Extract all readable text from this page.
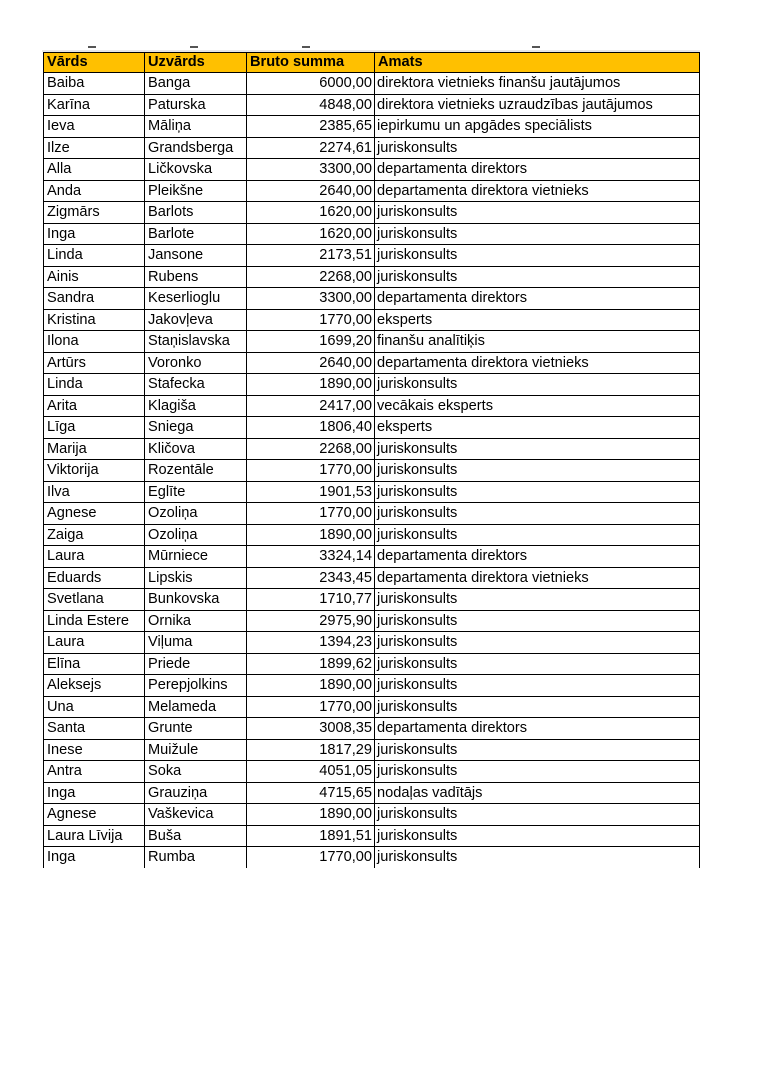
Vārds	Uzvārds	Bruto summa	Amats
Baiba	Banga	6000,00	direktora vietnieks finanšu jautājumos
Karīna	Paturska	4848,00	direktora vietnieks uzraudzības jautājumos
Ieva	Māliņa	2385,65	iepirkumu un apgādes speciālists
Ilze	Grandsberga	2274,61	juriskonsults
Alla	Ličkovska	3300,00	departamenta direktors
Anda	Pleikšne	2640,00	departamenta direktora vietnieks
Zigmārs	Barlots	1620,00	juriskonsults
Inga	Barlote	1620,00	juriskonsults
Linda	Jansone	2173,51	juriskonsults
Ainis	Rubens	2268,00	juriskonsults
Sandra	Keserlioglu	3300,00	departamenta direktors
Kristina	Jakovļeva	1770,00	eksperts
Ilona	Staņislavska	1699,20	finanšu analītiķis
Artūrs	Voronko	2640,00	departamenta direktora vietnieks
Linda	Stafecka	1890,00	juriskonsults
Arita	Klagiša	2417,00	vecākais eksperts
Līga	Sniega	1806,40	eksperts
Marija	Kličova	2268,00	juriskonsults
Viktorija	Rozentāle	1770,00	juriskonsults
Ilva	Eglīte	1901,53	juriskonsults
Agnese	Ozoliņa	1770,00	juriskonsults
Zaiga	Ozoliņa	1890,00	juriskonsults
Laura	Mūrniece	3324,14	departamenta direktors
Eduards	Lipskis	2343,45	departamenta direktora vietnieks
Svetlana	Bunkovska	1710,77	juriskonsults
Linda Estere	Ornika	2975,90	juriskonsults
Laura	Viļuma	1394,23	juriskonsults
Elīna	Priede	1899,62	juriskonsults
Aleksejs	Perepjolkins	1890,00	juriskonsults
Una	Melameda	1770,00	juriskonsults
Santa	Grunte	3008,35	departamenta direktors
Inese	Muižule	1817,29	juriskonsults
Antra	Soka	4051,05	juriskonsults
Inga	Grauziņa	4715,65	nodaļas vadītājs
Agnese	Vaškevica	1890,00	juriskonsults
Laura Līvija	Buša	1891,51	juriskonsults
Inga	Rumba	1770,00	juriskonsults
